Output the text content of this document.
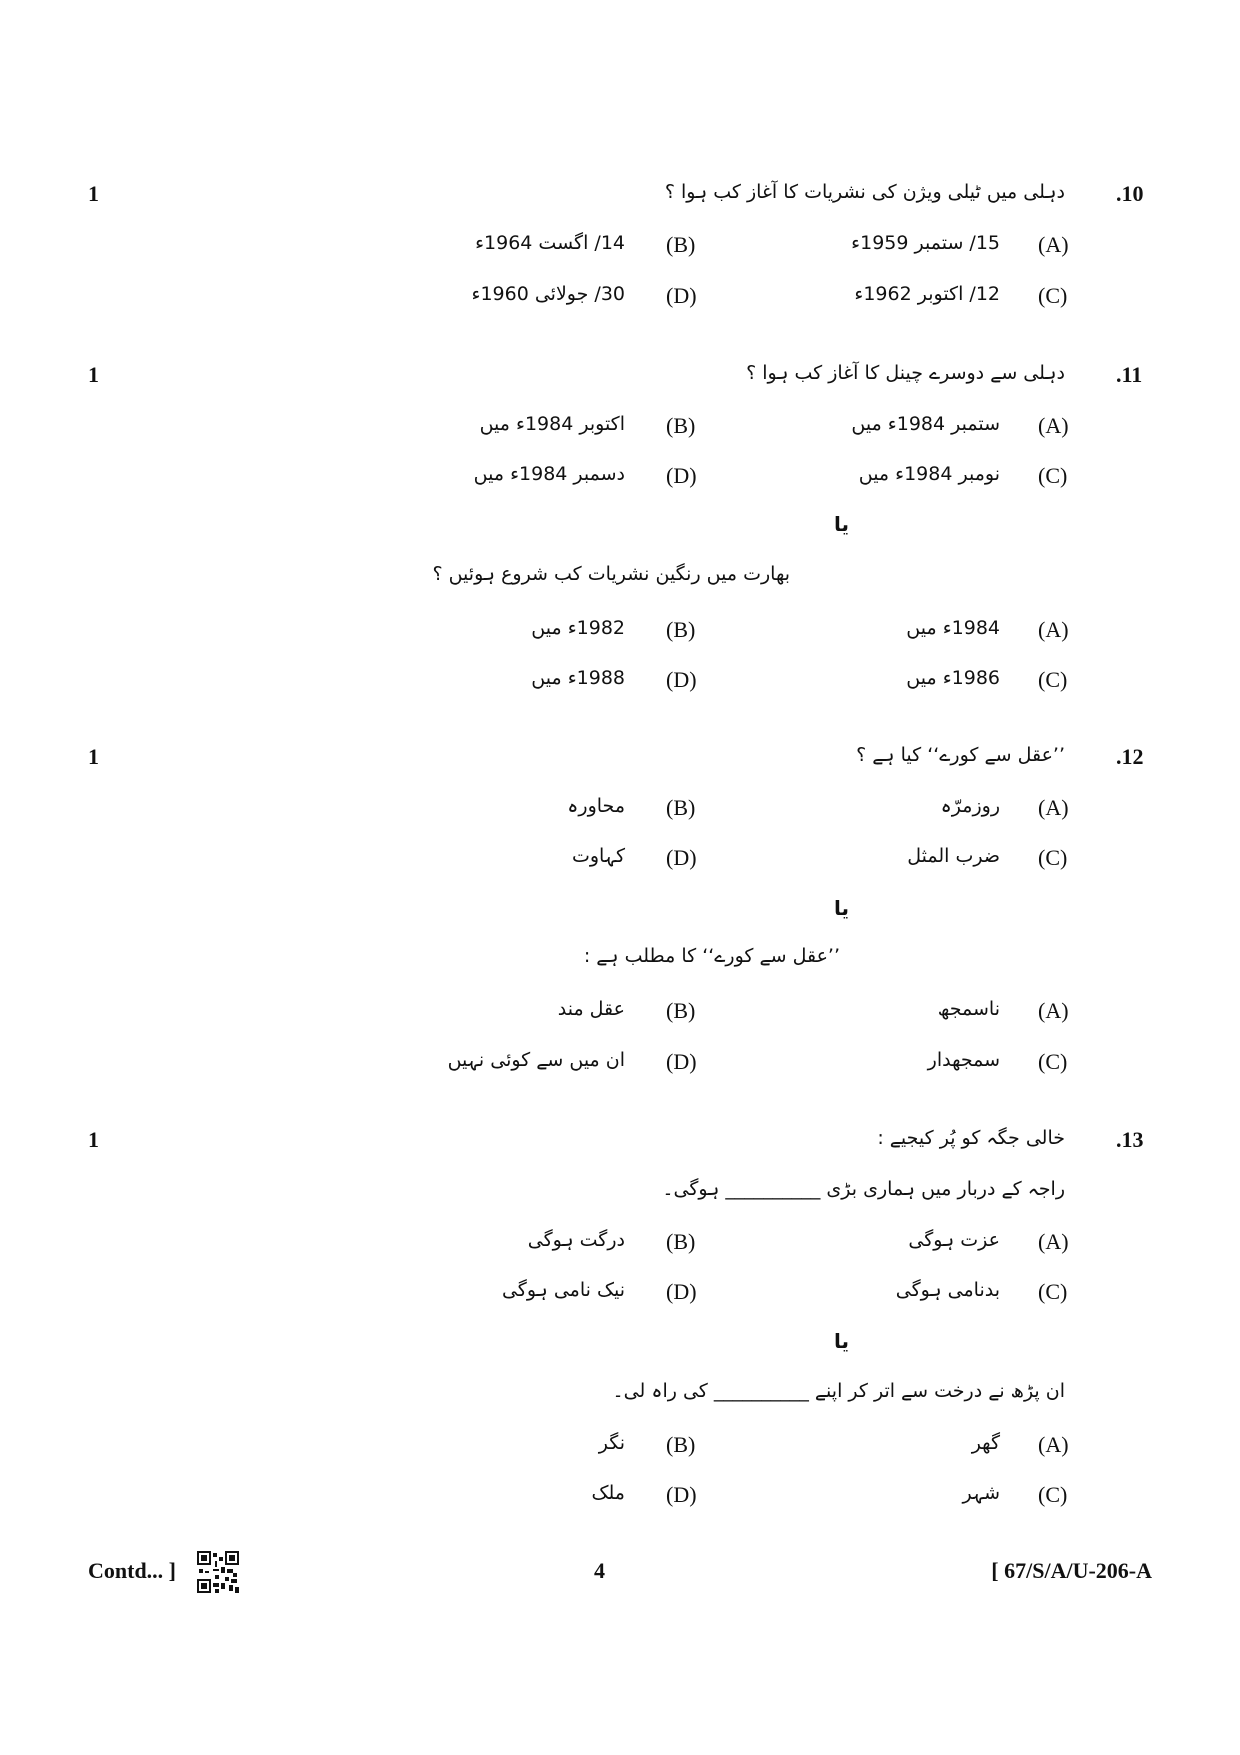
.10
1	دہلی میں ٹیلی ویژن کی نشریات کا آغاز کب ہوا ؟
(A)
15/ ستمبر 1959ء
(B)
14/ اگست 1964ء
(C)
12/ اکتوبر 1962ء
(D)
30/ جولائی 1960ء
.11
1	دہلی سے دوسرے چینل کا آغاز کب ہوا ؟
(A)
ستمبر 1984ء میں
(B)
اکتوبر 1984ء میں
(C)
نومبر 1984ء میں
(D)
دسمبر 1984ء میں
یا
بھارت میں رنگین نشریات کب شروع ہوئیں ؟
(A)
1984ء میں
(B)
1982ء میں
(C)
1986ء میں
(D)
1988ء میں
.12
1	’’عقل سے کورے‘‘ کیا ہے ؟
(A)
روزمرّہ
(B)
محاورہ
(C)
ضرب المثل
(D)
کہاوت
یا
’’عقل سے کورے‘‘ کا مطلب ہے :
(A)
ناسمجھ
(B)
عقل مند
(C)
سمجھدار
(D)
ان میں سے کوئی نہیں
.13
1	خالی جگہ کو پُر کیجیے :
راجہ کے دربار میں ہماری بڑی __________ ہوگی۔
(A)
عزت ہوگی
(B)
درگت ہوگی
(C)
بدنامی ہوگی
(D)
نیک نامی ہوگی
یا
ان پڑھ نے درخت سے اتر کر اپنے __________ کی راہ لی۔
(A)
گھر
(B)
نگر
(C)
شہر
(D)
ملک
Contd... ]	4	[ 67/S/A/U-206-A
